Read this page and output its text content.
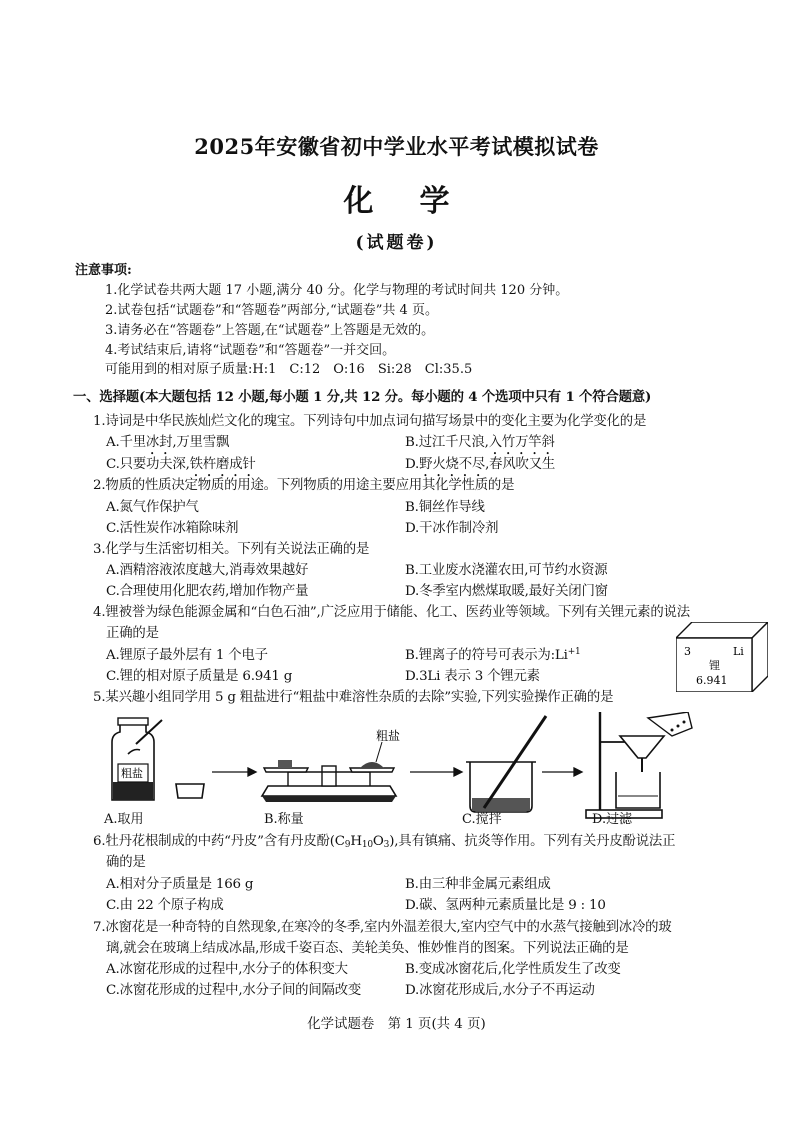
2025年安徽省初中学业水平考试模拟试卷
化学
(试题卷)
注意事项:
1.化学试卷共两大题 17 小题,满分 40 分。化学与物理的考试时间共 120 分钟。
2.试卷包括“试题卷”和“答题卷”两部分,“试题卷”共 4 页。
3.请务必在“答题卷”上答题,在“试题卷”上答题是无效的。
4.考试结束后,请将“试题卷”和“答题卷”一并交回。
可能用到的相对原子质量:H:1　C:12　O:16　Si:28　Cl:35.5
一、选择题(本大题包括 12 小题,每小题 1 分,共 12 分。每小题的 4 个选项中只有 1 个符合题意)
1.诗词是中华民族灿烂文化的瑰宝。下列诗句中加点词句描写场景中的变化主要为化学变化的是
A.千里冰封,万里雪飘	B.过江千尺浪,入竹万竿斜
C.只要功夫深,铁杵磨成针	D.野火烧不尽,春风吹又生
2.物质的性质决定物质的用途。下列物质的用途主要应用其化学性质的是
A.氮气作保护气	B.铜丝作导线
C.活性炭作冰箱除味剂	D.干冰作制冷剂
3.化学与生活密切相关。下列有关说法正确的是
A.酒精溶液浓度越大,消毒效果越好	B.工业废水浇灌农田,可节约水资源
C.合理使用化肥农药,增加作物产量	D.冬季室内燃煤取暖,最好关闭门窗
4.锂被誉为绿色能源金属和“白色石油”,广泛应用于储能、化工、医药业等领域。下列有关锂元素的说法
正确的是
A.锂原子最外层有 1 个电子	B.锂离子的符号可表示为$:Li^{+1}$
C.锂的相对原子质量是 6.941 g	D.3Li 表示 3 个锂元素
3	Li
锂
6.941
5.某兴趣小组同学用 5 g 粗盐进行“粗盐中难溶性杂质的去除”实验,下列实验操作正确的是
粗盐
粗盐
A.取用	B.称量	C.搅拌	D.过滤
6.牡丹花根制成的中药“丹皮”含有丹皮酚$(C_9H_{10}O_3)$,具有镇痛、抗炎等作用。下列有关丹皮酚说法正
确的是
A.相对分子质量是 166 g	B.由三种非金属元素组成
C.由 22 个原子构成	D.碳、氢两种元素质量比是 9 : 10
7.冰窗花是一种奇特的自然现象,在寒冷的冬季,室内外温差很大,室内空气中的水蒸气接触到冰冷的玻
璃,就会在玻璃上结成冰晶,形成千姿百态、美轮美奂、惟妙惟肖的图案。下列说法正确的是
A.冰窗花形成的过程中,水分子的体积变大	B.变成冰窗花后,化学性质发生了改变
C.冰窗花形成的过程中,水分子间的间隔改变	D.冰窗花形成后,水分子不再运动
化学试题卷　第 1 页(共 4 页)
